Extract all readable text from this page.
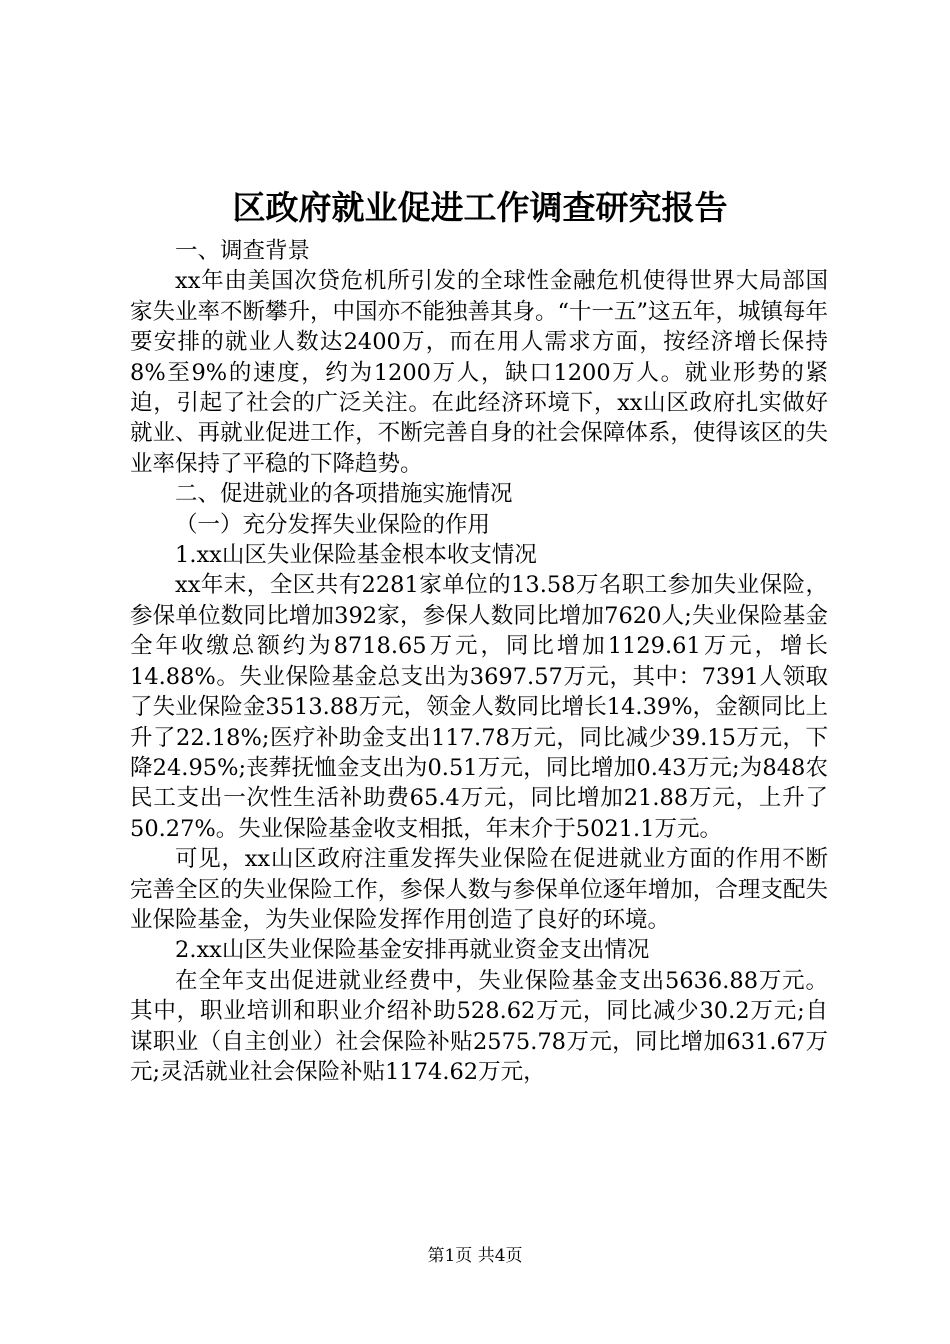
区政府就业促进工作调查研究报告

一、调查背景

xx年由美国次贷危机所引发的全球性金融危机使得世界大局部国家失业率不断攀升，中国亦不能独善其身。“十一五”这五年，城镇每年要安排的就业人数达2400万，而在用人需求方面，按经济增长保持8%至9%的速度，约为1200万人，缺口1200万人。就业形势的紧迫，引起了社会的广泛关注。在此经济环境下，xx山区政府扎实做好就业、再就业促进工作，不断完善自身的社会保障体系，使得该区的失业率保持了平稳的下降趋势。

二、促进就业的各项措施实施情况

（一）充分发挥失业保险的作用

1.xx山区失业保险基金根本收支情况

xx年末，全区共有2281家单位的13.58万名职工参加失业保险，参保单位数同比增加392家，参保人数同比增加7620人;失业保险基金全年收缴总额约为8718.65万元，同比增加1129.61万元，增长14.88%。失业保险基金总支出为3697.57万元，其中：7391人领取了失业保险金3513.88万元，领金人数同比增长14.39%，金额同比上升了22.18%;医疗补助金支出117.78万元，同比减少39.15万元，下降24.95%;丧葬抚恤金支出为0.51万元，同比增加0.43万元;为848农民工支出一次性生活补助费65.4万元，同比增加21.88万元，上升了50.27%。失业保险基金收支相抵，年末介于5021.1万元。

可见，xx山区政府注重发挥失业保险在促进就业方面的作用不断完善全区的失业保险工作，参保人数与参保单位逐年增加，合理支配失业保险基金，为失业保险发挥作用创造了良好的环境。

2.xx山区失业保险基金安排再就业资金支出情况

在全年支出促进就业经费中，失业保险基金支出5636.88万元。其中，职业培训和职业介绍补助528.62万元，同比减少30.2万元;自谋职业（自主创业）社会保险补贴2575.78万元，同比增加631.67万元;灵活就业社会保险补贴1174.62万元，

第1页 共4页
